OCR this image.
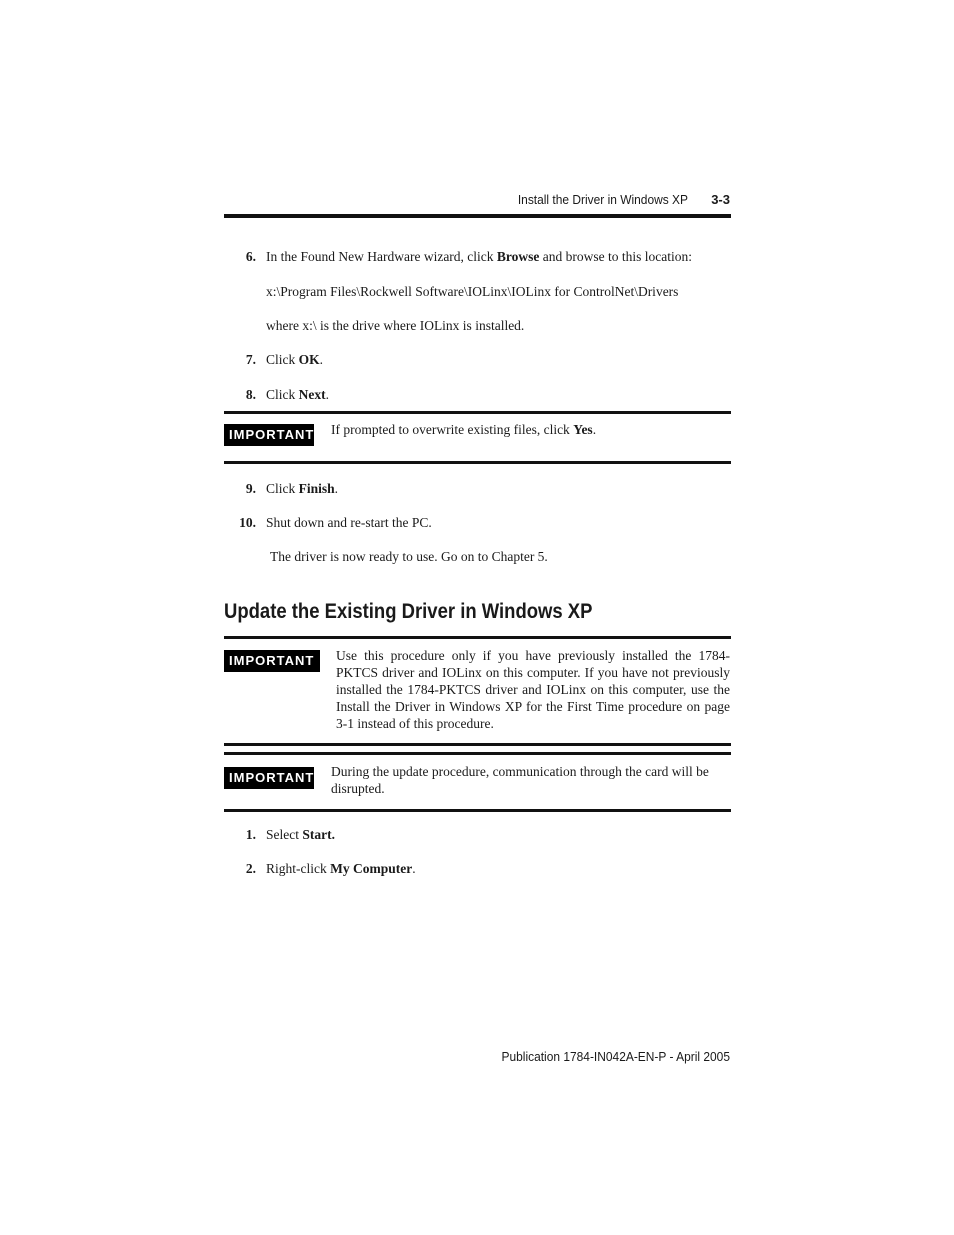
Install the Driver in Windows XP 3-3
6. In the Found New Hardware wizard, click Browse and browse to this location:
x:\Program Files\Rockwell Software\IOLinx\IOLinx for ControlNet\Drivers
where x:\ is the drive where IOLinx is installed.
7. Click OK.
8. Click Next.
IMPORTANT If prompted to overwrite existing files, click Yes.
9. Click Finish.
10. Shut down and re-start the PC.
The driver is now ready to use. Go on to Chapter 5.
Update the Existing Driver in Windows XP
IMPORTANT	Use this procedure only if you have previously installed the 1784-PKTCS driver and IOLinx on this computer. If you have not previously installed the 1784-PKTCS driver and IOLinx on this computer, use the Install the Driver in Windows XP for the First Time procedure on page 3-1 instead of this procedure.
IMPORTANT During the update procedure, communication through the card will be disrupted.
1. Select Start.
2. Right-click My Computer.
Publication 1784-IN042A-EN-P - April 2005
